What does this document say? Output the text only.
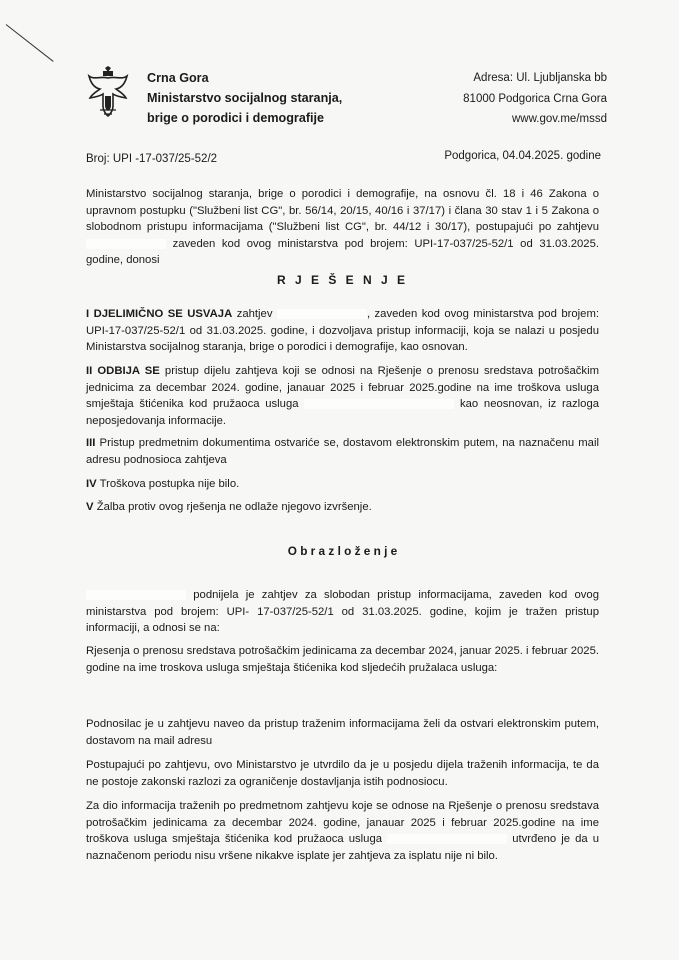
Crna Gora
Ministarstvo socijalnog staranja,
brige o porodici i demografije
Adresa: Ul. Ljubljanska bb
81000 Podgorica Crna Gora
www.gov.me/mssd
Broj: UPI -17-037/25-52/2	Podgorica, 04.04.2025. godine
Ministarstvo socijalnog staranja, brige o porodici i demografije, na osnovu čl. 18 i 46 Zakona o upravnom postupku ("Službeni list CG", br. 56/14, 20/15, 40/16 i 37/17) i člana 30 stav 1 i 5 Zakona o slobodnom pristupu informacijama ("Službeni list CG", br. 44/12 i 30/17), postupajući po zahtjevu  zaveden kod ovog ministarstva pod brojem: UPI-17-037/25-52/1 od 31.03.2025. godine, donosi
R J E Š E N J E
I DJELIMIČNO SE USVAJA zahtjev	, zaveden kod ovog ministarstva pod brojem: UPI-17-037/25-52/1 od 31.03.2025. godine, i dozvoljava pristup informaciji, koja se nalazi u posjedu Ministarstva socijalnog staranja, brige o porodici i demografije, kao osnovan.
II ODBIJA SE pristup dijelu zahtjeva koji se odnosi na Rješenje o prenosu sredstava potrošačkim jednicima za decembar 2024. godine, janauar 2025 i februar 2025.godine na ime troškova usluga smještaja štićenika kod pružaoca usluga	kao neosnovan, iz razloga neposjedovanja informacije.
III Pristup predmetnim dokumentima ostvariće se, dostavom elektronskim putem, na naznačenu mail adresu podnosioca zahtjeva
IV Troškova postupka nije bilo.
V Žalba protiv ovog rješenja ne odlaže njegovo izvršenje.
O b r a z l o ž e n j e
podnijela je zahtjev za slobodan pristup informacijama, zaveden kod ovog ministarstva pod brojem: UPI- 17-037/25-52/1 od 31.03.2025. godine, kojim je tražen pristup informaciji, a odnosi se na:
Rjesenja o prenosu sredstava potrošačkim jedinicama za decembar 2024, januar 2025. i februar 2025. godine na ime troskova usluga smještaja štićenika kod sljedećih pružalaca usluga:
Podnosilac je u zahtjevu naveo da pristup traženim informacijama želi da ostvari elektronskim putem, dostavom na mail adresu
Postupajući po zahtjevu, ovo Ministarstvo je utvrdilo da je u posjedu dijela traženih informacija, te da ne postoje zakonski razlozi za ograničenje dostavljanja istih podnosiocu.
Za dio informacija traženih po predmetnom zahtjevu koje se odnose na Rješenje o prenosu sredstava potrošačkim jedinicama za decembar 2024. godine, janauar 2025 i februar 2025.godine na ime troškova usluga smještaja štićenika kod pružaoca usluga	utvrđeno je da u naznačenom periodu nisu vršene nikakve isplate jer zahtjeva za isplatu nije ni bilo.
